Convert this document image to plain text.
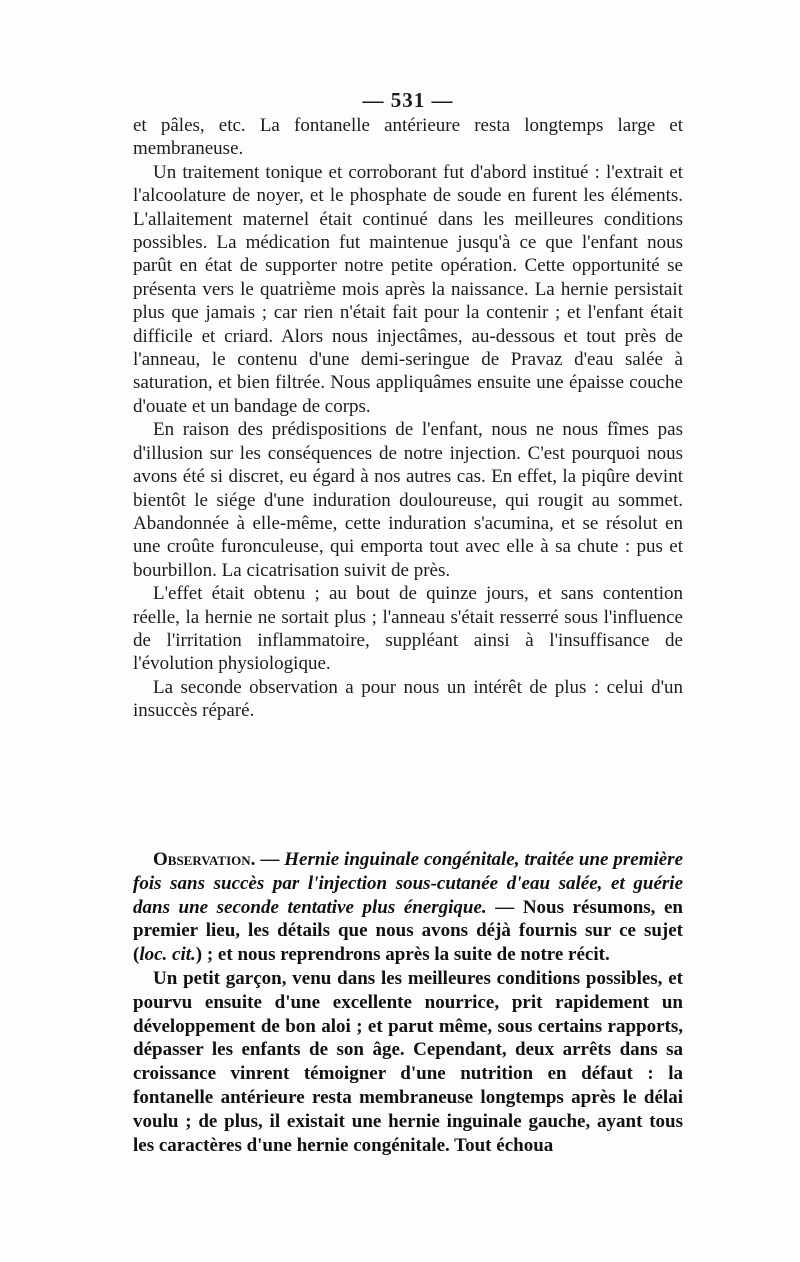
— 531 —

et pâles, etc. La fontanelle antérieure resta longtemps large et membraneuse.

Un traitement tonique et corroborant fut d'abord institué : l'extrait et l'alcoolature de noyer, et le phosphate de soude en furent les éléments. L'allaitement maternel était continué dans les meilleures conditions possibles. La médication fut maintenue jusqu'à ce que l'enfant nous parût en état de supporter notre petite opération. Cette opportunité se présenta vers le quatrième mois après la naissance. La hernie persistait plus que jamais ; car rien n'était fait pour la contenir ; et l'enfant était difficile et criard. Alors nous injectâmes, au-dessous et tout près de l'anneau, le contenu d'une demi-seringue de Pravaz d'eau salée à saturation, et bien filtrée. Nous appliquâmes ensuite une épaisse couche d'ouate et un bandage de corps.

En raison des prédispositions de l'enfant, nous ne nous fîmes pas d'illusion sur les conséquences de notre injection. C'est pourquoi nous avons été si discret, eu égard à nos autres cas. En effet, la piqûre devint bientôt le siége d'une induration douloureuse, qui rougit au sommet. Abandonnée à elle-même, cette induration s'acumina, et se résolut en une croûte furonculeuse, qui emporta tout avec elle à sa chute : pus et bourbillon. La cicatrisation suivit de près.

L'effet était obtenu ; au bout de quinze jours, et sans contention réelle, la hernie ne sortait plus ; l'anneau s'était resserré sous l'influence de l'irritation inflammatoire, suppléant ainsi à l'insuffisance de l'évolution physiologique.

La seconde observation a pour nous un intérêt de plus : celui d'un insuccès réparé.

Observation. — Hernie inguinale congénitale, traitée une première fois sans succès par l'injection sous-cutanée d'eau salée, et guérie dans une seconde tentative plus énergique. — Nous résumons, en premier lieu, les détails que nous avons déjà fournis sur ce sujet (loc. cit.) ; et nous reprendrons après la suite de notre récit.

Un petit garçon, venu dans les meilleures conditions possibles, et pourvu ensuite d'une excellente nourrice, prit rapidement un développement de bon aloi ; et parut même, sous certains rapports, dépasser les enfants de son âge. Cependant, deux arrêts dans sa croissance vinrent témoigner d'une nutrition en défaut : la fontanelle antérieure resta membraneuse longtemps après le délai voulu ; de plus, il existait une hernie inguinale gauche, ayant tous les caractères d'une hernie congénitale. Tout échoua
